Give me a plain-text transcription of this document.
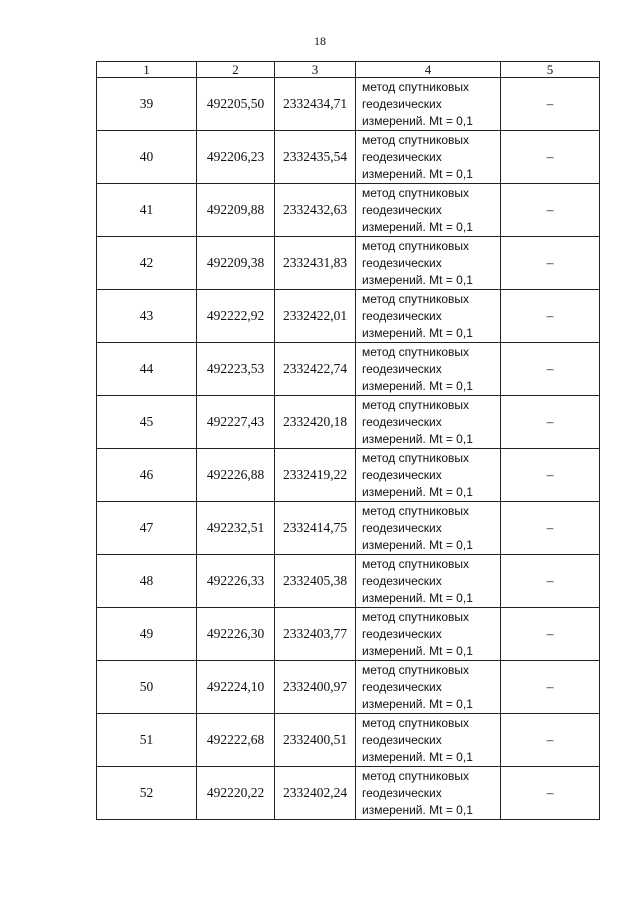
18
1	2	3	4	5
39	492205,50	2332434,71	метод спутниковых геодезических измерений. Mt = 0,1	–
40	492206,23	2332435,54	метод спутниковых геодезических измерений. Mt = 0,1	–
41	492209,88	2332432,63	метод спутниковых геодезических измерений. Mt = 0,1	–
42	492209,38	2332431,83	метод спутниковых геодезических измерений. Mt = 0,1	–
43	492222,92	2332422,01	метод спутниковых геодезических измерений. Mt = 0,1	–
44	492223,53	2332422,74	метод спутниковых геодезических измерений. Mt = 0,1	–
45	492227,43	2332420,18	метод спутниковых геодезических измерений. Mt = 0,1	–
46	492226,88	2332419,22	метод спутниковых геодезических измерений. Mt = 0,1	–
47	492232,51	2332414,75	метод спутниковых геодезических измерений. Mt = 0,1	–
48	492226,33	2332405,38	метод спутниковых геодезических измерений. Mt = 0,1	–
49	492226,30	2332403,77	метод спутниковых геодезических измерений. Mt = 0,1	–
50	492224,10	2332400,97	метод спутниковых геодезических измерений. Mt = 0,1	–
51	492222,68	2332400,51	метод спутниковых геодезических измерений. Mt = 0,1	–
52	492220,22	2332402,24	метод спутниковых геодезических измерений. Mt = 0,1	–
